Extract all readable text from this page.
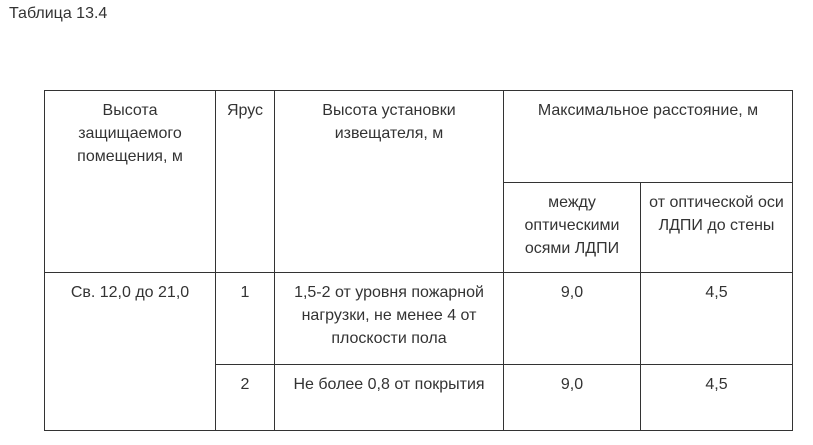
Таблица 13.4
Высота защищаемого помещения, м	Ярус	Высота установки извещателя, м	Максимальное расстояние, м	
			между оптическими осями ЛДПИ	от оптической оси ЛДПИ до стены
Св. 12,0 до 21,0	1	1,5-2 от уровня пожарной нагрузки, не менее 4 от плоскости пола	9,0	4,5
	2	Не более 0,8 от покрытия	9,0	4,5
